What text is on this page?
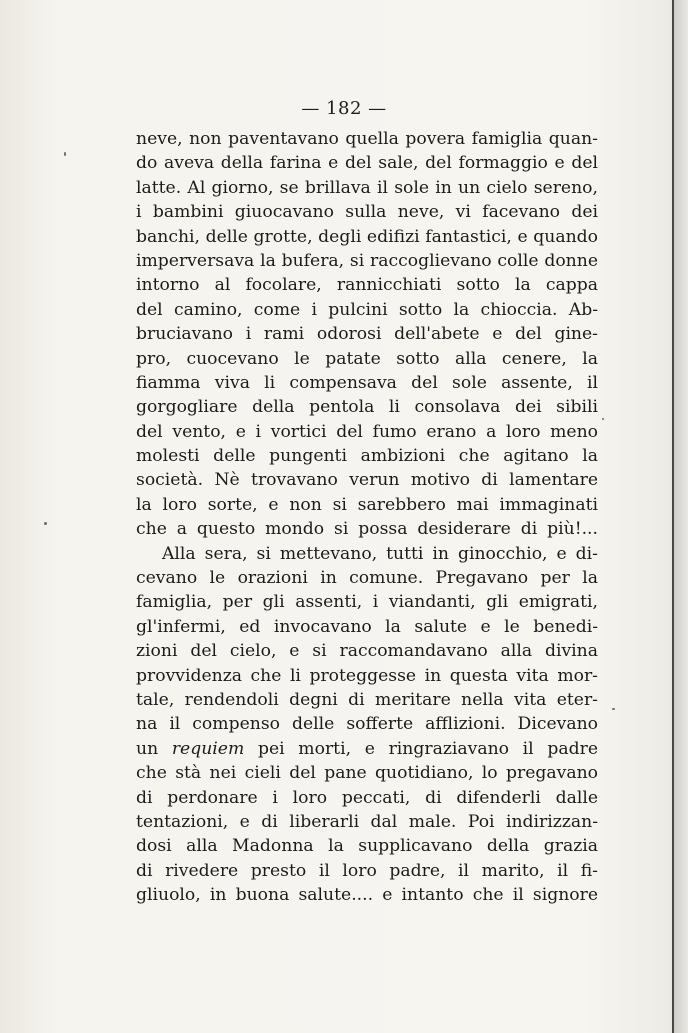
— 182 —
neve, non paventavano quella povera famiglia quan-
do aveva della farina e del sale, del formaggio e del
latte. Al giorno, se brillava il sole in un cielo sereno,
i bambini giuocavano sulla neve, vi facevano dei
banchi, delle grotte, degli edifizi fantastici, e quando
imperversava la bufera, si raccoglievano colle donne
intorno al focolare, rannicchiati sotto la cappa
del camino, come i pulcini sotto la chioccia. Ab-
bruciavano i rami odorosi dell'abete e del gine-
pro, cuocevano le patate sotto alla cenere, la
fiamma viva li compensava del sole assente, il
gorgogliare della pentola li consolava dei sibili
del vento, e i vortici del fumo erano a loro meno
molesti delle pungenti ambizioni che agitano la
società. Nè trovavano verun motivo di lamentare
la loro sorte, e non si sarebbero mai immaginati
che a questo mondo si possa desiderare di più!...
Alla sera, si mettevano, tutti in ginocchio, e di-
cevano le orazioni in comune. Pregavano per la
famiglia, per gli assenti, i viandanti, gli emigrati,
gl'infermi, ed invocavano la salute e le benedi-
zioni del cielo, e si raccomandavano alla divina
provvidenza che li proteggesse in questa vita mor-
tale, rendendoli degni di meritare nella vita eter-
na il compenso delle sofferte afflizioni. Dicevano
un requiem pei morti, e ringraziavano il padre
che stà nei cieli del pane quotidiano, lo pregavano
di perdonare i loro peccati, di difenderli dalle
tentazioni, e di liberarli dal male. Poi indirizzan-
dosi alla Madonna la supplicavano della grazia
di rivedere presto il loro padre, il marito, il fi-
gliuolo, in buona salute.... e intanto che il signore
